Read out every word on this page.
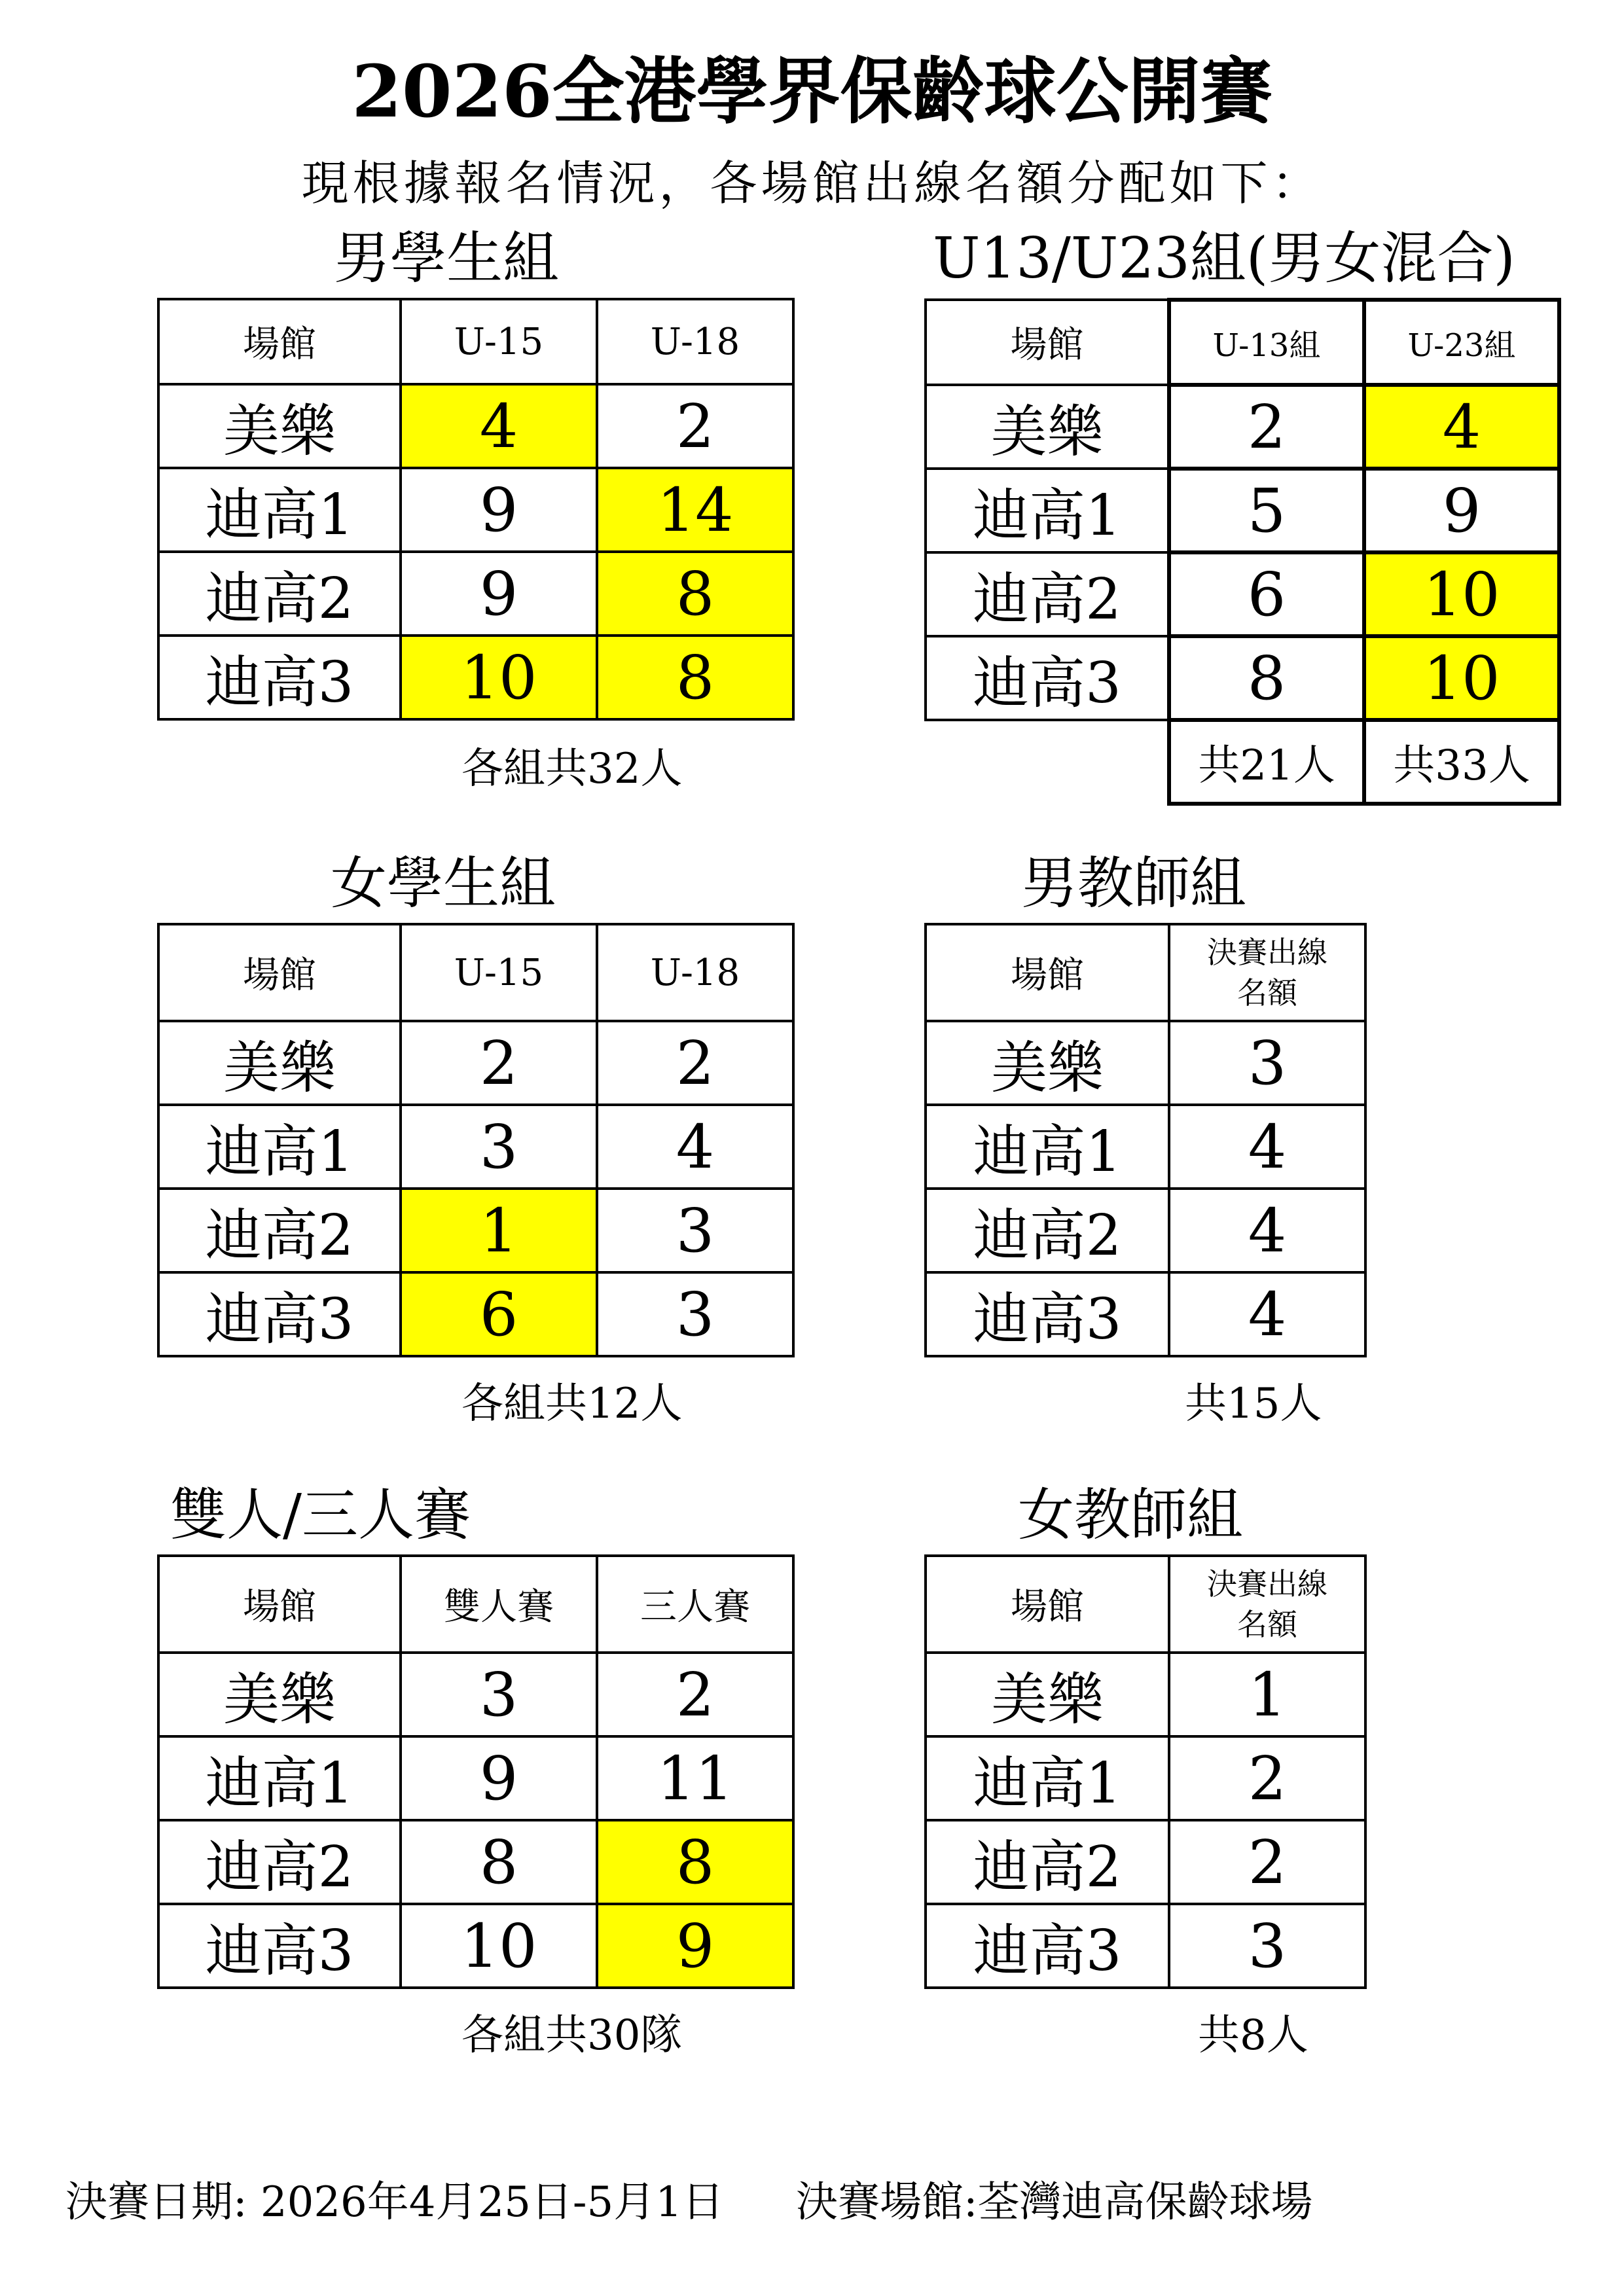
2026全港學界保齡球公開賽
現根據報名情況，各場館出線名額分配如下：
男學生組
場館	U-15	U-18
美樂	4	2
迪高1	9	14
迪高2	9	8
迪高3	10	8
各組共32人
U13/U23組(男女混合)
場館	U-13組	U-23組
美樂	2	4
迪高1	5	9
迪高2	6	10
迪高3	8	10
	共21人	共33人
女學生組
場館	U-15	U-18
美樂	2	2
迪高1	3	4
迪高2	1	3
迪高3	6	3
各組共12人
男教師組
場館	決賽出線
名額

美樂	3
迪高1	4
迪高2	4
迪高3	4
共15人
雙人/三人賽
場館	雙人賽	三人賽
美樂	3	2
迪高1	9	11
迪高2	8	8
迪高3	10	9
各組共30隊
女教師組
場館	決賽出線
名額

美樂	1
迪高1	2
迪高2	2
迪高3	3
共8人
決賽日期: 2026年4月25日-5月1日 決賽場館:荃灣迪高保齡球場
